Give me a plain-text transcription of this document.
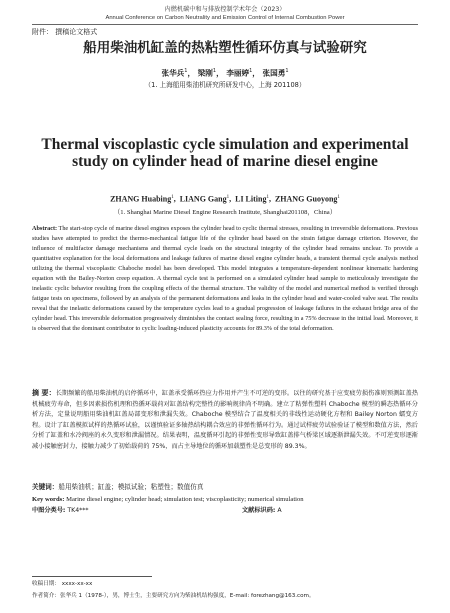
内燃机碳中和与排放控制学术年会（2023）
Annual Conference on Carbon Neutrality and Emission Control of Internal Combustion Power
附件： 撰稿论文格式
船用柴油机缸盖的热粘塑性循环仿真与试验研究
张华兵$^1$， 梁刚$^1$， 李丽婷$^1$， 张国勇$^1$
（1. 上海船用柴油机研究所研发中心，上海 201108）
Thermal viscoplastic cycle simulation and experimental study on cylinder head of marine diesel engine
ZHANG Huabing$^1$,  LIANG Gang$^1$,  LI Liting$^1$,  ZHANG Guoyong$^1$
（1. Shanghai Marine Diesel Engine Research Institute, Shanghai201108，China）
Abstract: The start-stop cycle of marine diesel engines exposes the cylinder head to cyclic thermal stresses, resulting in irreversible deformations. Previous studies have attempted to predict the thermo-mechanical fatigue life of the cylinder head based on the strain fatigue damage criterion. However, the influence of multifactor damage mechanisms and thermal cycle loads on the structural integrity of the cylinder head remains unclear. To provide a quantitative explanation for the local deformations and leakage failures of marine diesel engine cylinder heads, a transient thermal cycle analysis method utilizing the thermal viscoplastic Chaboche model has been developed. This model integrates a temperature-dependent nonlinear kinematic hardening equation with the Bailey-Norton creep equation. A thermal cycle test is performed on a simulated cylinder head sample to meticulously investigate the inelastic cyclic behavior resulting from the coupling effects of the thermal structure. The validity of the model and numerical method is verified through fatigue tests on specimens, followed by an analysis of the permanent deformations and leaks in the cylinder head and water-cooled valve seat. The results reveal that the inelastic deformations caused by the temperature cycles lead to a gradual progression of leakage failures in the exhaust bridge area of the cylinder head. This irreversible deformation progressively diminishes the contact sealing force, resulting in a 75% decrease in the initial load. Moreover, it is observed that the dominant contributor to cyclic loading-induced plasticity accounts for 89.3% of the total deformation.
摘 要：长期频繁的船用柴油机的启停循环中，缸盖承受循环热应力作用并产生不可逆的变形。以往的研究基于应变疲劳损伤准则预测缸盖热机械疲劳寿命，但多因素损伤机理和热循环载荷对缸盖结构完整性的影响规律尚不明确。建立了粘弹性塑料 Chaboche 模型的瞬态热循环分析方法，定量说明船用柴油机缸盖局部变形和泄漏失效。Chaboche 模型结合了温度相关的非线性运动硬化方程和 Bailey Norton 蠕变方程。设计了缸盖模拟试样的热循环试验，以谨慎验证多轴热结构耦合效应的非弹性循环行为。通过试样疲劳试验验证了模型和数值方法，然后分析了缸盖和水冷阀座的永久变形和泄漏情况。结果表明，温度循环引起的非弹性变形导致缸盖排气桥梁区域逐渐泄漏失效。不可逆变形逐渐减小接触密封力，接触力减少了初始载荷的 75%，而占主导地位的循环加载塑性是总变形的 89.3%。
关键词：船用柴油机；缸盖；模拟试验；粘塑性；数值仿真
Key words: Marine diesel engine; cylinder head; simulation test; viscoplasticity; numerical simulation
中图分类号: TK4***	文献标识码: A
收稿日期： xxxx-xx-xx
作者简介：张华兵 1（1978-），男，博士生，主要研究方向为柴油机结构强度，E-mail: forezhang@163.com。
